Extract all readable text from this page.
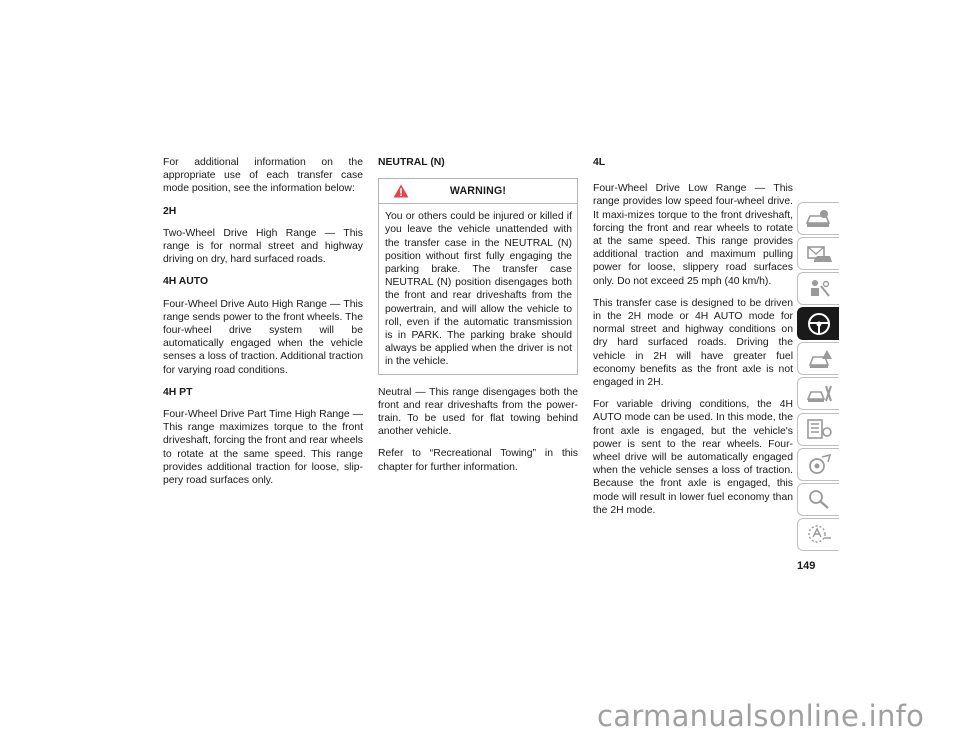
For additional information on the appropriate use of each transfer case mode position, see the information below:

2H

Two-Wheel Drive High Range — This range is for normal street and highway driving on dry, hard surfaced roads.

4H AUTO

Four-Wheel Drive Auto High Range — This range sends power to the front wheels. The four-wheel drive system will be automatically engaged when the vehicle senses a loss of traction. Additional traction for varying road conditions.

4H PT

Four-Wheel Drive Part Time High Range — This range maximizes torque to the front driveshaft, forcing the front and rear wheels to rotate at the same speed. This range provides additional traction for loose, slip-pery road surfaces only.

NEUTRAL (N)
WARNING!

You or others could be injured or killed if you leave the vehicle unattended with the transfer case in the NEUTRAL (N) position without first fully engaging the parking brake. The transfer case NEUTRAL (N) position disengages both the front and rear driveshafts from the powertrain, and will allow the vehicle to roll, even if the automatic transmission is in PARK. The parking brake should always be applied when the driver is not in the vehicle.

Neutral — This range disengages both the front and rear driveshafts from the power-train. To be used for flat towing behind another vehicle.

Refer to “Recreational Towing” in this chapter for further information.

4L

Four-Wheel Drive Low Range — This range provides low speed four-wheel drive. It maxi-mizes torque to the front driveshaft, forcing the front and rear wheels to rotate at the same speed. This range provides additional traction and maximum pulling power for loose, slippery road surfaces only. Do not exceed 25 mph (40 km/h).

This transfer case is designed to be driven in the 2H mode or 4H AUTO mode for normal street and highway conditions on dry hard surfaced roads. Driving the vehicle in 2H will have greater fuel economy benefits as the front axle is not engaged in 2H.

For variable driving conditions, the 4H AUTO mode can be used. In this mode, the front axle is engaged, but the vehicle's power is sent to the rear wheels. Four-wheel drive will be automatically engaged when the vehicle senses a loss of traction. Because the front axle is engaged, this mode will result in lower fuel economy than the 2H mode.

149
carmanualsonline.info
